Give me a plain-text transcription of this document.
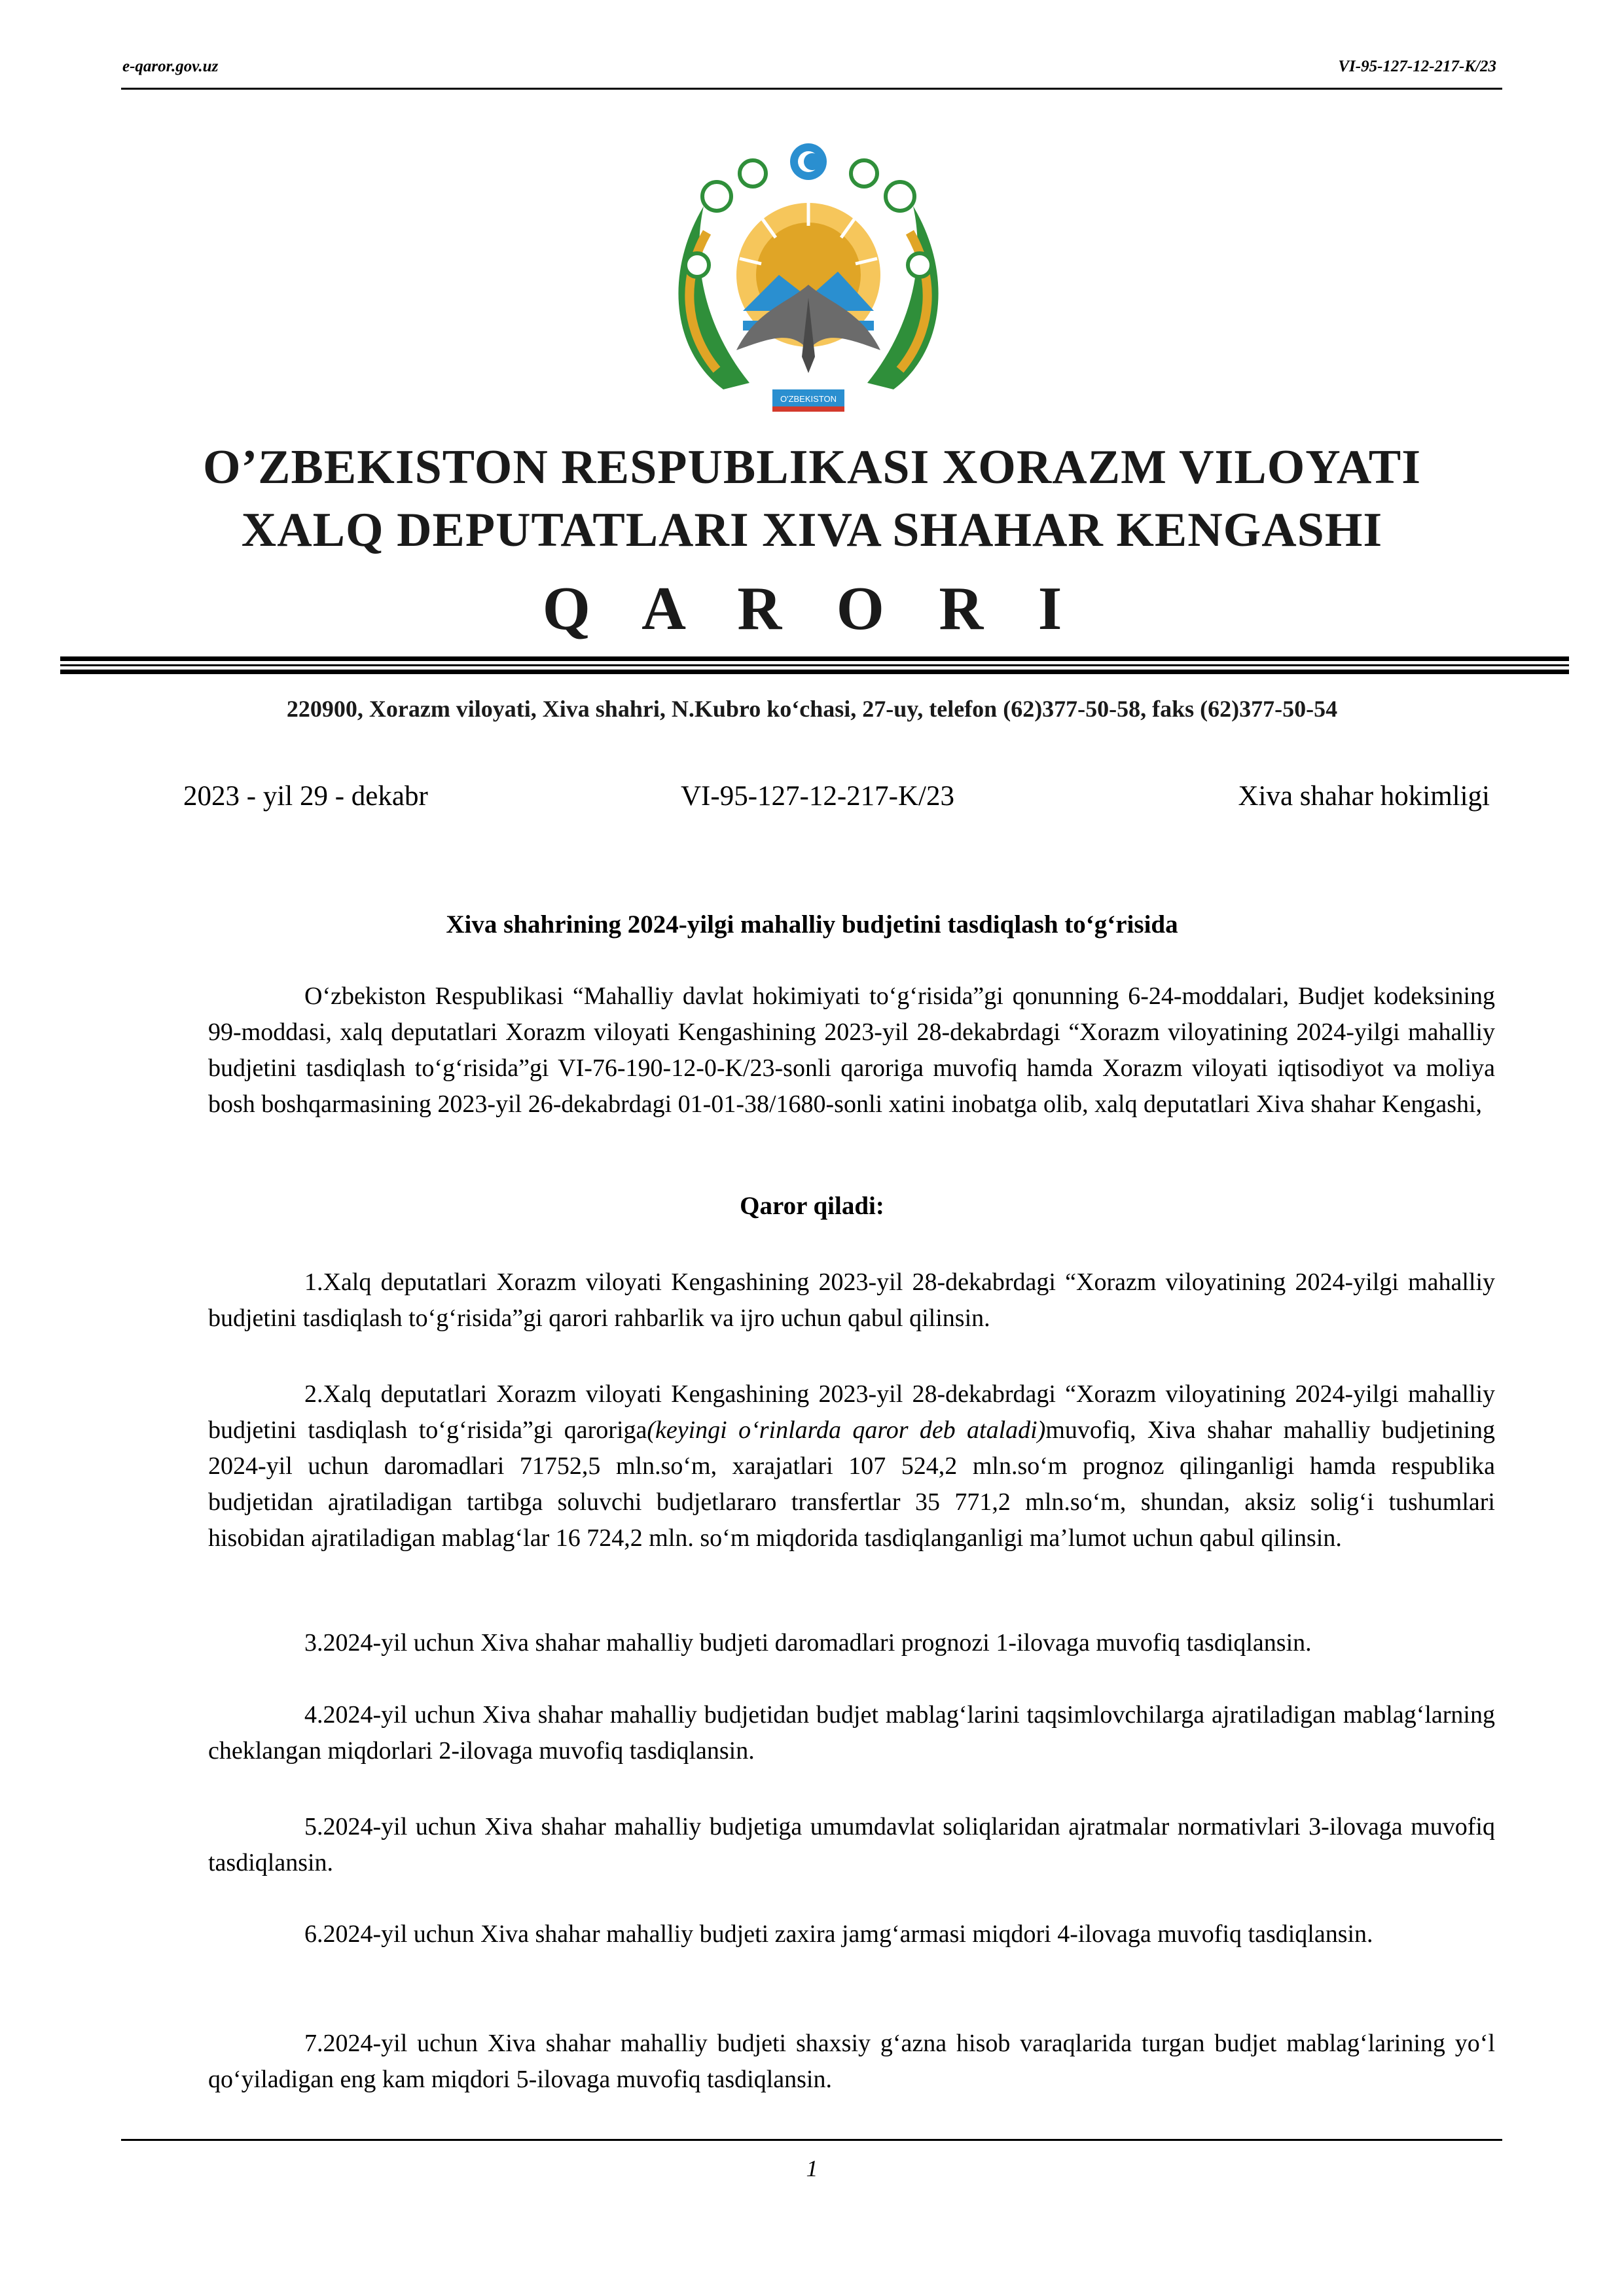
e-qaror.gov.uz	VI-95-127-12-217-K/23
O'ZBEKISTON
O’ZBEKISTON RESPUBLIKASI XORAZM VILOYATI
XALQ DEPUTATLARI XIVA SHAHAR KENGASHI
Q A R O R I
220900, Xorazm viloyati, Xiva shahri, N.Kubro ko‘chasi, 27-uy, telefon (62)377-50-58, faks (62)377-50-54
2023 - yil 29 - dekabr	VI-95-127-12-217-K/23	Xiva shahar hokimligi
Xiva shahrining 2024-yilgi mahalliy budjetini tasdiqlash to‘g‘risida

O‘zbekiston Respublikasi “Mahalliy davlat hokimiyati to‘g‘risida”gi qonunning 6-24-moddalari, Budjet kodeksining 99-moddasi, xalq deputatlari Xorazm viloyati Kengashining 2023-yil 28-dekabrdagi “Xorazm viloyatining 2024-yilgi mahalliy budjetini tasdiqlash to‘g‘risida”gi VI-76-190-12-0-K/23-sonli qaroriga muvofiq hamda Xorazm viloyati iqtisodiyot va moliya bosh boshqarmasining 2023-yil 26-dekabrdagi 01-01-38/1680-sonli xatini inobatga olib, xalq deputatlari Xiva shahar Kengashi,

Qaror qiladi:

1.Xalq deputatlari Xorazm viloyati Kengashining 2023-yil 28-dekabrdagi “Xorazm viloyatining 2024-yilgi mahalliy budjetini tasdiqlash to‘g‘risida”gi qarori rahbarlik va ijro uchun qabul qilinsin.

2.Xalq deputatlari Xorazm viloyati Kengashining 2023-yil 28-dekabrdagi “Xorazm viloyatining 2024-yilgi mahalliy budjetini tasdiqlash to‘g‘risida”gi qaroriga(keyingi o‘rinlarda qaror deb ataladi)muvofiq, Xiva shahar mahalliy budjetining 2024-yil uchun daromadlari 71752,5 mln.so‘m, xarajatlari 107 524,2 mln.so‘m prognoz qilinganligi hamda respublika budjetidan ajratiladigan tartibga soluvchi budjetlararo transfertlar 35 771,2 mln.so‘m, shundan, aksiz solig‘i tushumlari hisobidan ajratiladigan mablag‘lar 16 724,2 mln. so‘m miqdorida tasdiqlanganligi ma’lumot uchun qabul qilinsin.

3.2024-yil uchun Xiva shahar mahalliy budjeti daromadlari prognozi 1-ilovaga muvofiq tasdiqlansin.

4.2024-yil uchun Xiva shahar mahalliy budjetidan budjet mablag‘larini taqsimlovchilarga ajratiladigan mablag‘larning cheklangan miqdorlari 2-ilovaga muvofiq tasdiqlansin.

5.2024-yil uchun Xiva shahar mahalliy budjetiga umumdavlat soliqlaridan ajratmalar normativlari 3-ilovaga muvofiq tasdiqlansin.

6.2024-yil uchun Xiva shahar mahalliy budjeti zaxira jamg‘armasi miqdori 4-ilovaga muvofiq tasdiqlansin.

7.2024-yil uchun Xiva shahar mahalliy budjeti shaxsiy g‘azna hisob varaqlarida turgan budjet mablag‘larining yo‘l qo‘yiladigan eng kam miqdori 5-ilovaga muvofiq tasdiqlansin.

1
